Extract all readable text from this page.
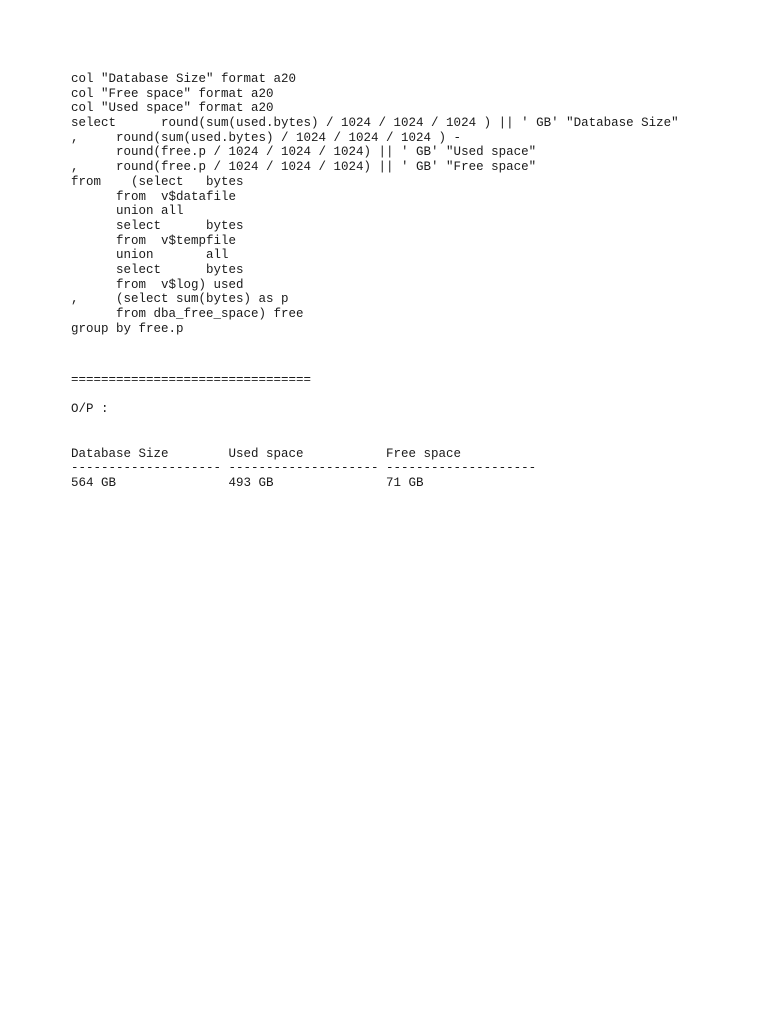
col "Database Size" format a20
col "Free space" format a20
col "Used space" format a20
select      round(sum(used.bytes) / 1024 / 1024 / 1024 ) || ' GB' "Database Size"
,     round(sum(used.bytes) / 1024 / 1024 / 1024 ) -
round(free.p / 1024 / 1024 / 1024) || ' GB' "Used space"
,     round(free.p / 1024 / 1024 / 1024) || ' GB' "Free space"
from    (select   bytes
from  v$datafile
union all
select      bytes
from  v$tempfile
union       all
select      bytes
from  v$log) used
,     (select sum(bytes) as p
from dba_free_space) free
group by free.p
================================
O/P :
Database Size        Used space           Free space
-------------------- -------------------- --------------------
564 GB               493 GB               71 GB
